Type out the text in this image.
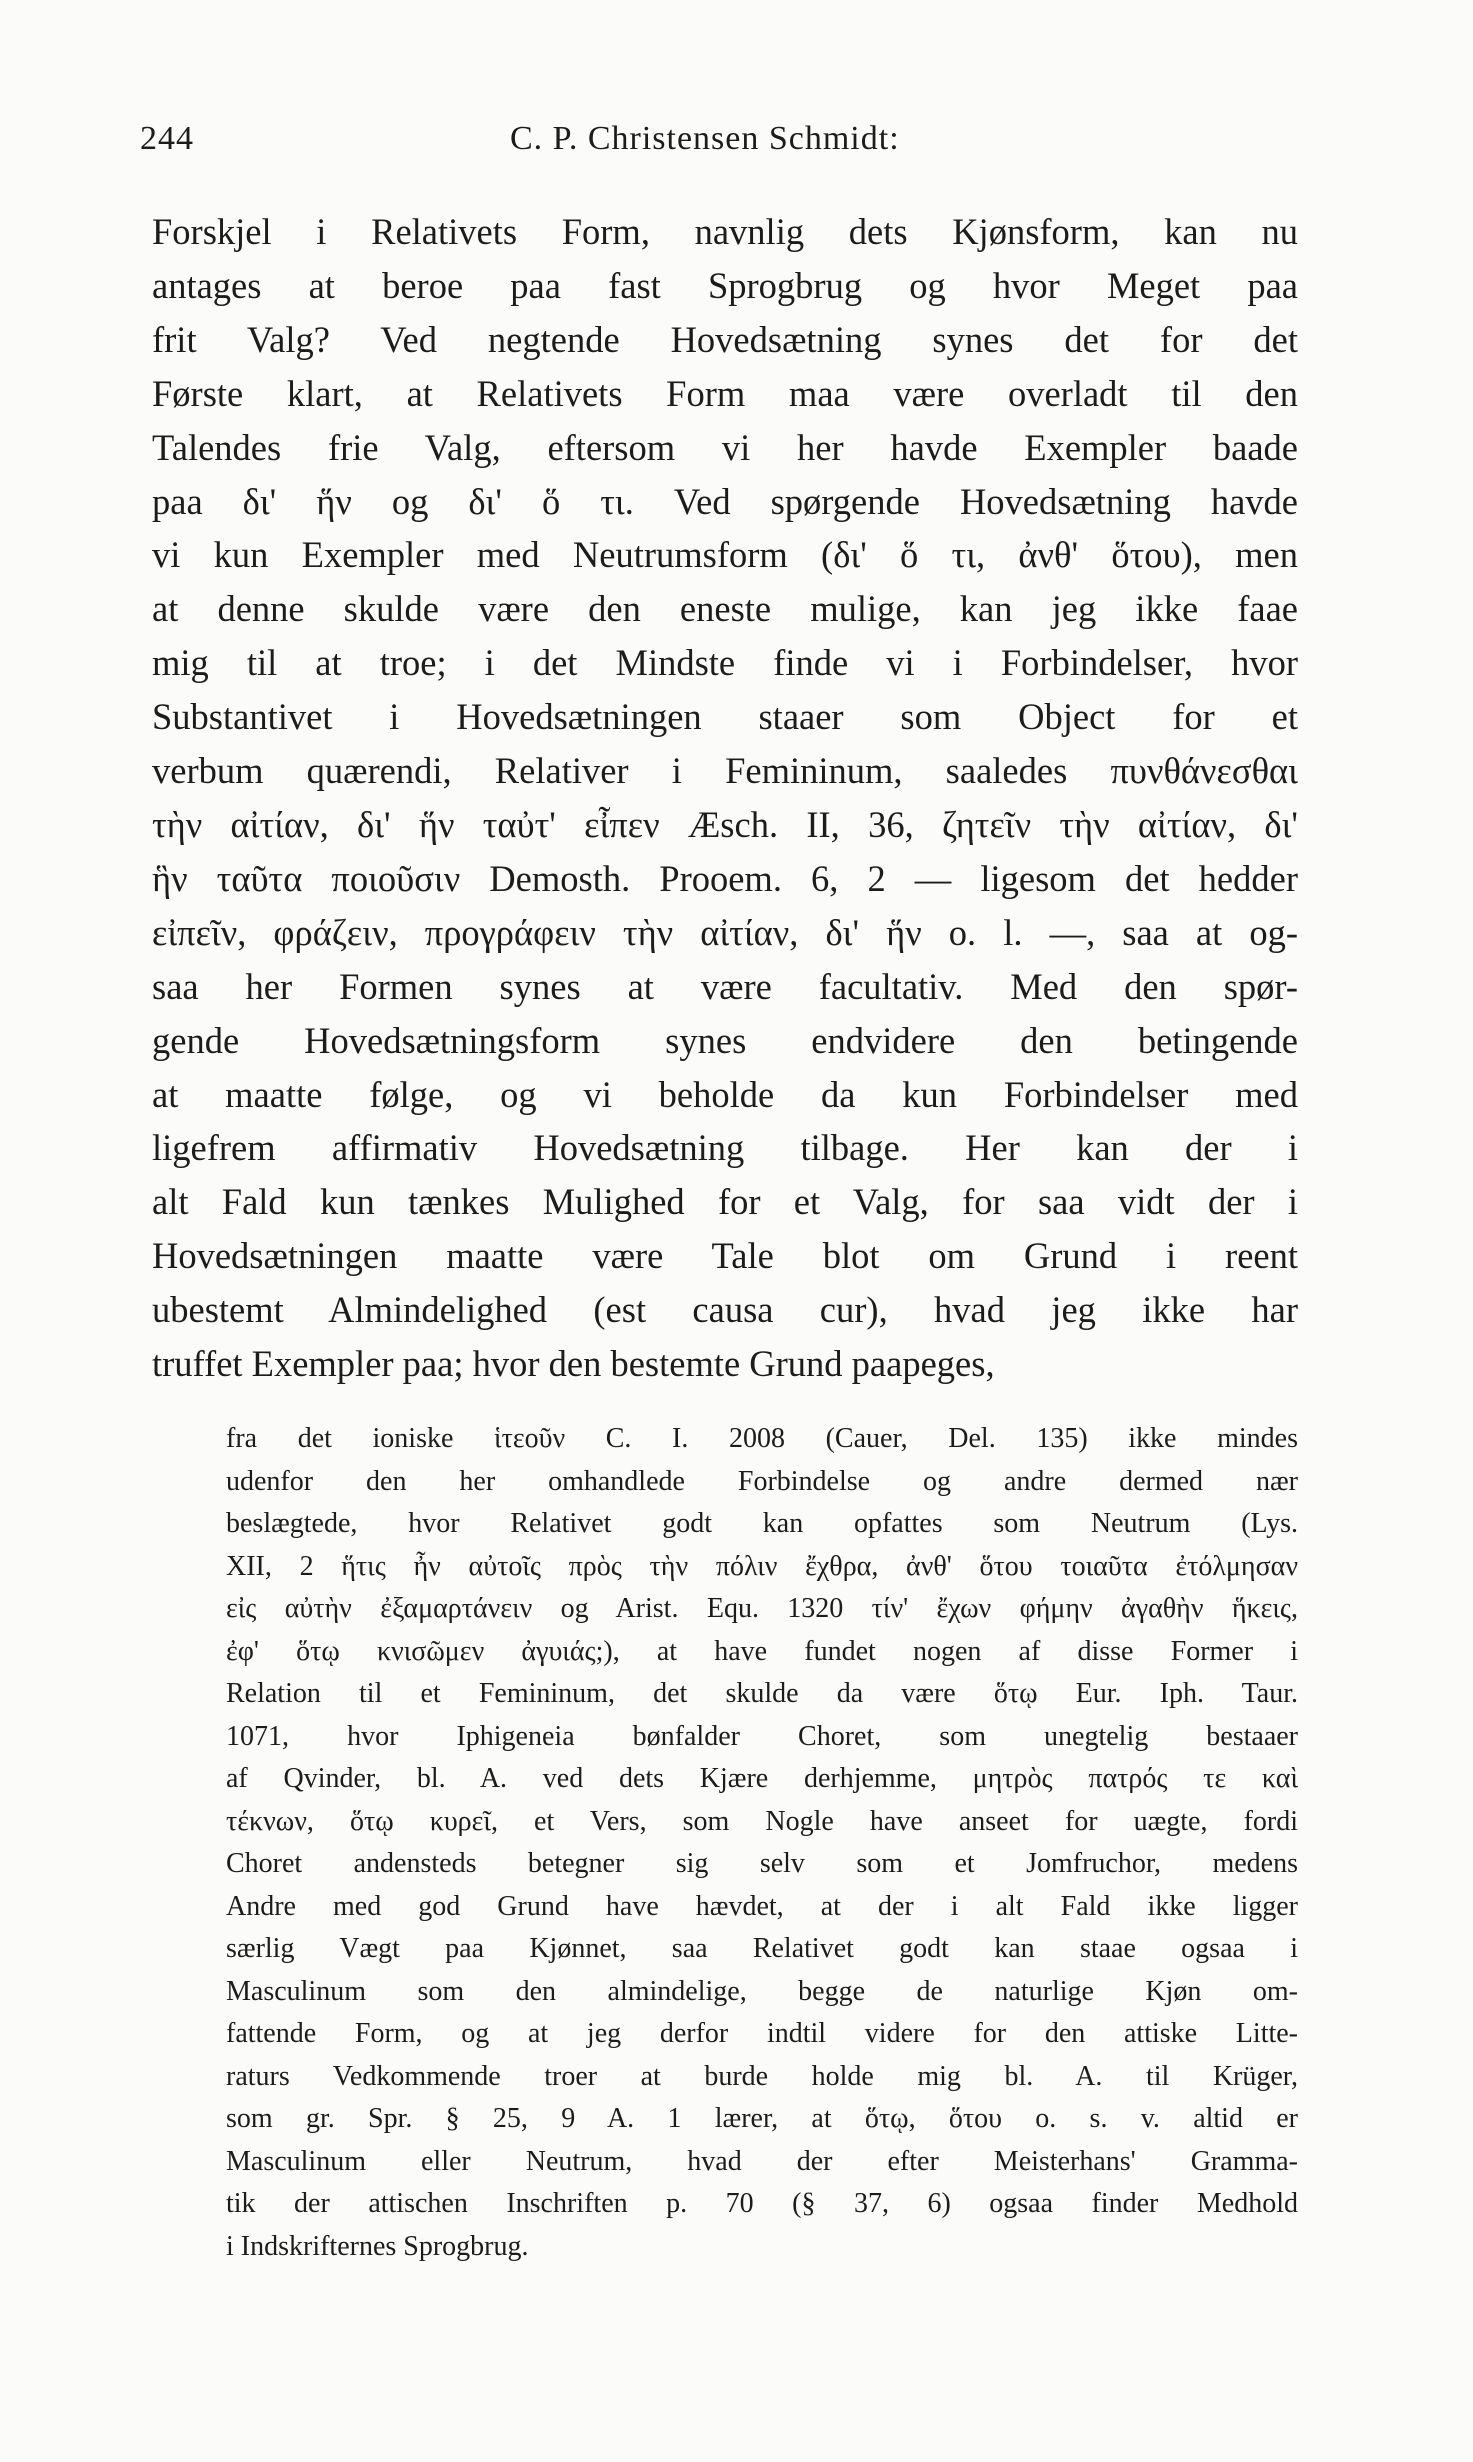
244	C. P. Christensen Schmidt:
Forskjel i Relativets Form, navnlig dets Kjønsform, kan nu
antages at beroe paa fast Sprogbrug og hvor Meget paa
frit Valg? Ved negtende Hovedsætning synes det for det
Første klart, at Relativets Form maa være overladt til den
Talendes frie Valg, eftersom vi her havde Exempler baade
paa δι' ἥν og δι' ὅ τι. Ved spørgende Hovedsætning havde
vi kun Exempler med Neutrumsform (δι' ὅ τι, ἀνθ' ὅτου), men
at denne skulde være den eneste mulige, kan jeg ikke faae
mig til at troe; i det Mindste finde vi i Forbindelser, hvor
Substantivet i Hovedsætningen staaer som Object for et
verbum quærendi, Relativer i Femininum, saaledes πυνθάνεσθαι
τὴν αἰτίαν, δι' ἥν ταὐτ' εἶπεν Æsch. II, 36, ζητεῖν τὴν αἰτίαν, δι'
ἣν ταῦτα ποιοῦσιν Demosth. Prooem. 6, 2 — ligesom det hedder
εἰπεῖν, φράζειν, προγράφειν τὴν αἰτίαν, δι' ἥν o. l. —, saa at og-
saa her Formen synes at være facultativ. Med den spør-
gende Hovedsætningsform synes endvidere den betingende
at maatte følge, og vi beholde da kun Forbindelser med
ligefrem affirmativ Hovedsætning tilbage. Her kan der i
alt Fald kun tænkes Mulighed for et Valg, for saa vidt der i
Hovedsætningen maatte være Tale blot om Grund i reent
ubestemt Almindelighed (est causa cur), hvad jeg ikke har
truffet Exempler paa; hvor den bestemte Grund paapeges,
fra det ioniske ἱτεοῦν C. I. 2008 (Cauer, Del. 135) ikke mindes
udenfor den her omhandlede Forbindelse og andre dermed nær
beslægtede, hvor Relativet godt kan opfattes som Neutrum (Lys.
XII, 2 ἥτις ἦν αὐτοῖς πρὸς τὴν πόλιν ἔχθρα, ἀνθ' ὅτου τοιαῦτα ἐτόλμησαν
εἰς αὐτὴν ἐξαμαρτάνειν og Arist. Equ. 1320 τίν' ἔχων φήμην ἀγαθὴν ἥκεις,
ἐφ' ὅτῳ κνισῶμεν ἀγυιάς;), at have fundet nogen af disse Former i
Relation til et Femininum, det skulde da være ὅτῳ Eur. Iph. Taur.
1071, hvor Iphigeneia bønfalder Choret, som unegtelig bestaaer
af Qvinder, bl. A. ved dets Kjære derhjemme, μητρὸς πατρός τε καὶ
τέκνων, ὅτῳ κυρεῖ, et Vers, som Nogle have anseet for uægte, fordi
Choret andensteds betegner sig selv som et Jomfruchor, medens
Andre med god Grund have hævdet, at der i alt Fald ikke ligger
særlig Vægt paa Kjønnet, saa Relativet godt kan staae ogsaa i
Masculinum som den almindelige, begge de naturlige Kjøn om-
fattende Form, og at jeg derfor indtil videre for den attiske Litte-
raturs Vedkommende troer at burde holde mig bl. A. til Krüger,
som gr. Spr. § 25, 9 A. 1 lærer, at ὅτῳ, ὅτου o. s. v. altid er
Masculinum eller Neutrum, hvad der efter Meisterhans' Gramma-
tik der attischen Inschriften p. 70 (§ 37, 6) ogsaa finder Medhold
i Indskrifternes Sprogbrug.
